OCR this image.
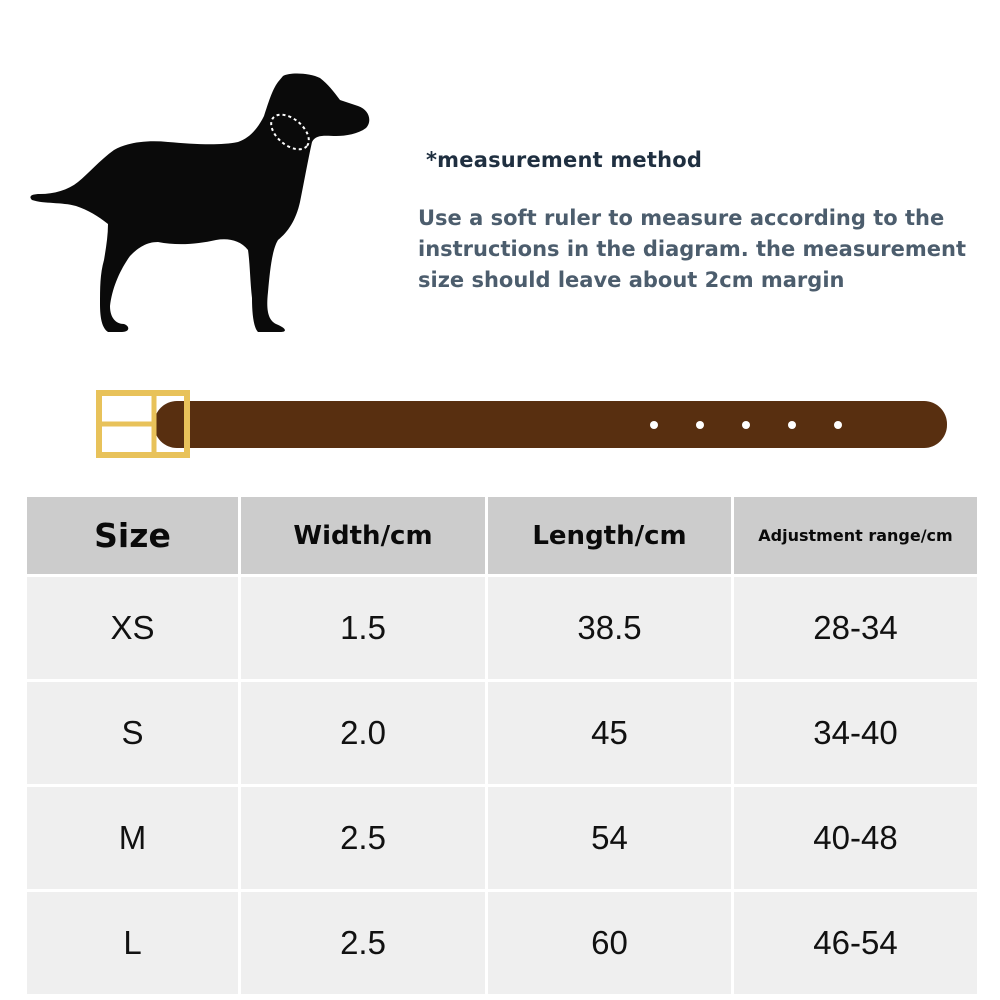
*measurement method
Use a soft ruler to measure according to the instructions in the diagram. the measurement size should leave about 2cm margin
Size	Width/cm	Length/cm	Adjustment range/cm
XS	1.5	38.5	28-34
S	2.0	45	34-40
M	2.5	54	40-48
L	2.5	60	46-54
